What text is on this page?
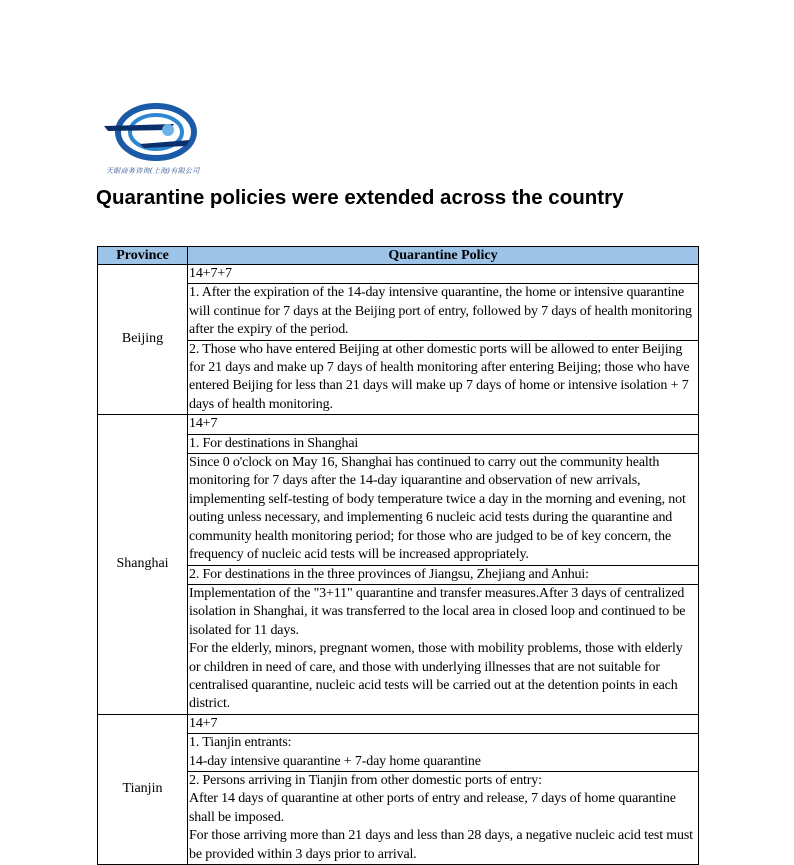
天眼商务咨询(上海)有限公司
Quarantine policies were extended across the country
Province	Quarantine Policy
Beijing	14+7+7
	1. After the expiration of the 14-day intensive quarantine, the home or intensive quarantine will continue for 7 days at the Beijing port of entry, followed by 7 days of health monitoring after the expiry of the period.
	2. Those who have entered Beijing at other domestic ports will be allowed to enter Beijing for 21 days and make up 7 days of health monitoring after entering Beijing; those who have entered Beijing for less than 21 days will make up 7 days of home or intensive isolation + 7 days of health monitoring.
Shanghai	14+7
	1. For destinations in Shanghai
	Since 0 o'clock on May 16, Shanghai has continued to carry out the community health monitoring for 7 days after the 14-day iquarantine and observation of new arrivals, implementing self-testing of body temperature twice a day in the morning and evening, not outing unless necessary, and implementing 6 nucleic acid tests during the quarantine and community health monitoring period; for those who are judged to be of key concern, the frequency of nucleic acid tests will be increased appropriately.
	2. For destinations in the three provinces of Jiangsu, Zhejiang and Anhui:

	Implementation of the "3+11" quarantine and transfer measures.After 3 days of centralized isolation in Shanghai, it was transferred to the local area in closed loop and continued to be isolated for 11 days.
For the elderly, minors, pregnant women, those with mobility problems, those with elderly or children in need of care, and those with underlying illnesses that are not suitable for centralised quarantine, nucleic acid tests will be carried out at the detention points in each district.

Tianjin	14+7

	1. Tianjin entrants:
14-day intensive quarantine + 7-day home quarantine

	2. Persons arriving in Tianjin from other domestic ports of entry:
After 14 days of quarantine at other ports of entry and release, 7 days of home quarantine shall be imposed.
For those arriving more than 21 days and less than 28 days, a negative nucleic acid test must be provided within 3 days prior to arrival.
